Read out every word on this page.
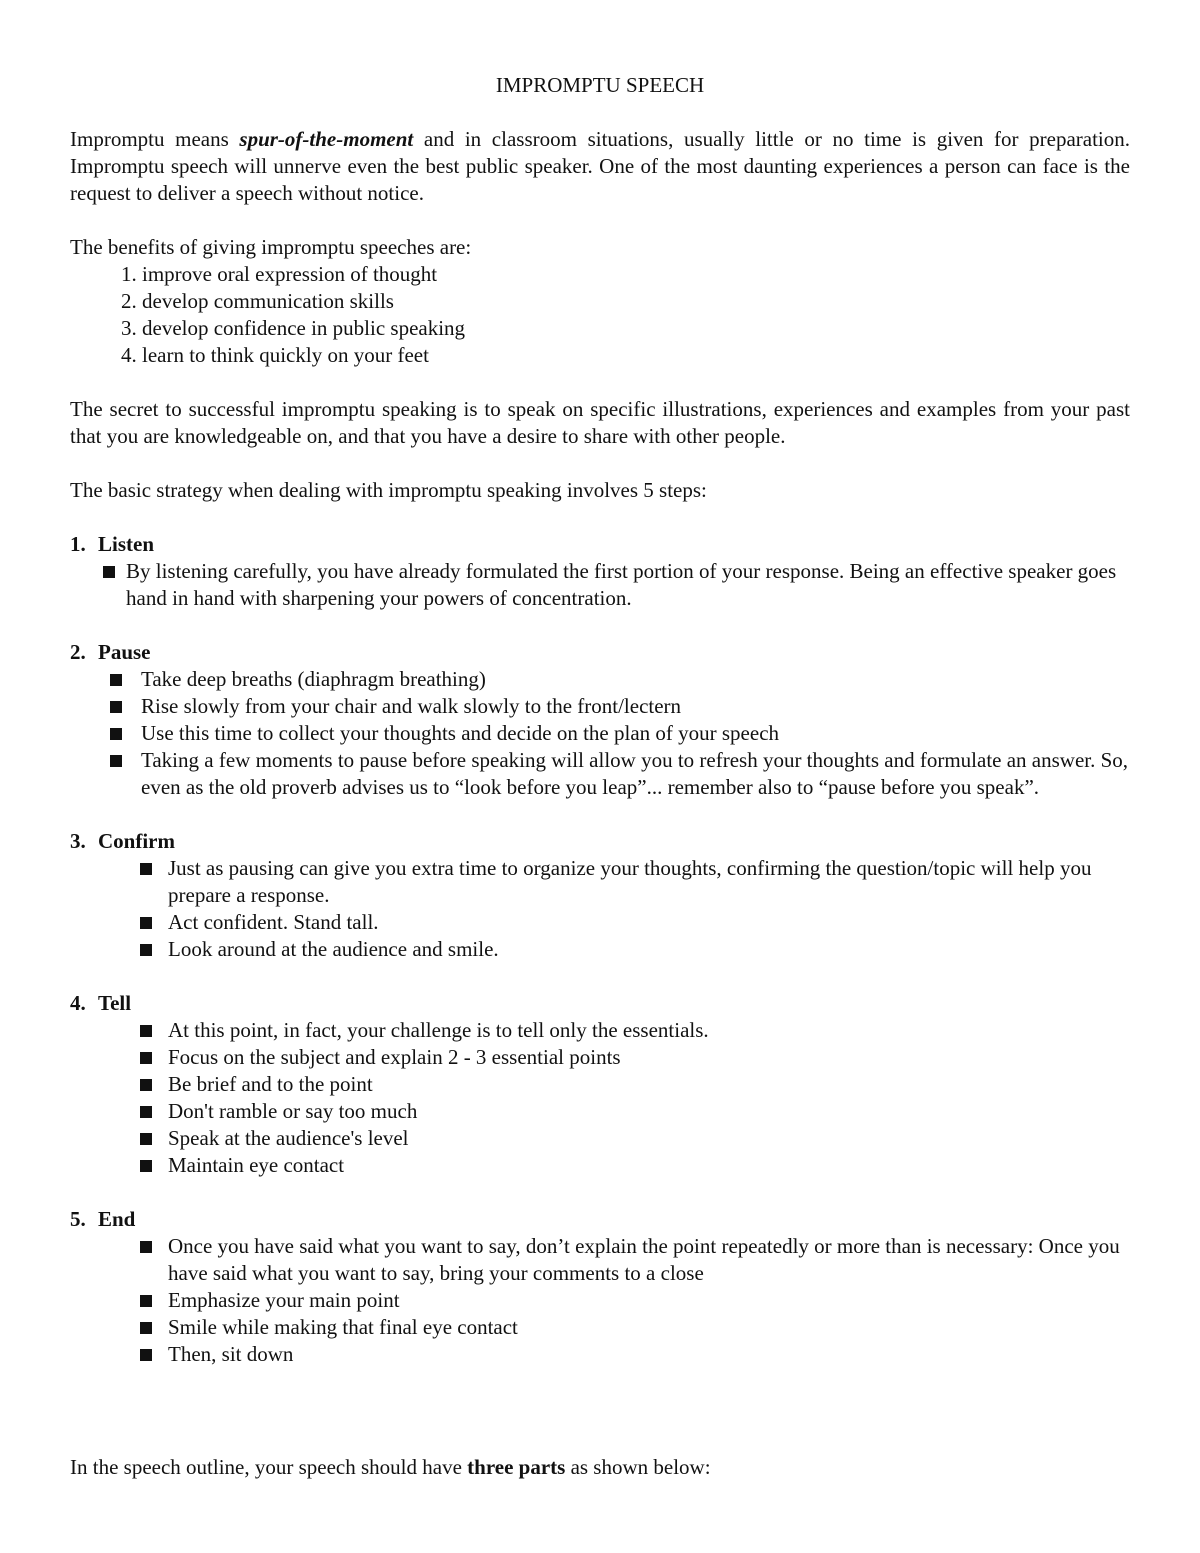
IMPROMPTU SPEECH

Impromptu means spur-of-the-moment and in classroom situations, usually little or no time is given for preparation. Impromptu speech will unnerve even the best public speaker. One of the most daunting experiences a person can face is the request to deliver a speech without notice.

The benefits of giving impromptu speeches are:

1. improve oral expression of thought
2. develop communication skills
3. develop confidence in public speaking
4. learn to think quickly on your feet

The secret to successful impromptu speaking is to speak on specific illustrations, experiences and examples from your past that you are knowledgeable on, and that you have a desire to share with other people.

The basic strategy when dealing with impromptu speaking involves 5 steps:

1. Listen

By listening carefully, you have already formulated the first portion of your response. Being an effective speaker goes hand in hand with sharpening your powers of concentration.

2. Pause

Take deep breaths (diaphragm breathing)
Rise slowly from your chair and walk slowly to the front/lectern
Use this time to collect your thoughts and decide on the plan of your speech
Taking a few moments to pause before speaking will allow you to refresh your thoughts and formulate an answer. So, even as the old proverb advises us to “look before you leap”... remember also to “pause before you speak”.

3. Confirm

Just as pausing can give you extra time to organize your thoughts, confirming the question/topic will help you prepare a response.
Act confident. Stand tall.
Look around at the audience and smile.

4. Tell

At this point, in fact, your challenge is to tell only the essentials.
Focus on the subject and explain 2 - 3 essential points
Be brief and to the point
Don't ramble or say too much
Speak at the audience's level
Maintain eye contact

5. End

Once you have said what you want to say, don’t explain the point repeatedly or more than is necessary: Once you have said what you want to say, bring your comments to a close
Emphasize your main point
Smile while making that final eye contact
Then, sit down

In the speech outline, your speech should have three parts as shown below:
